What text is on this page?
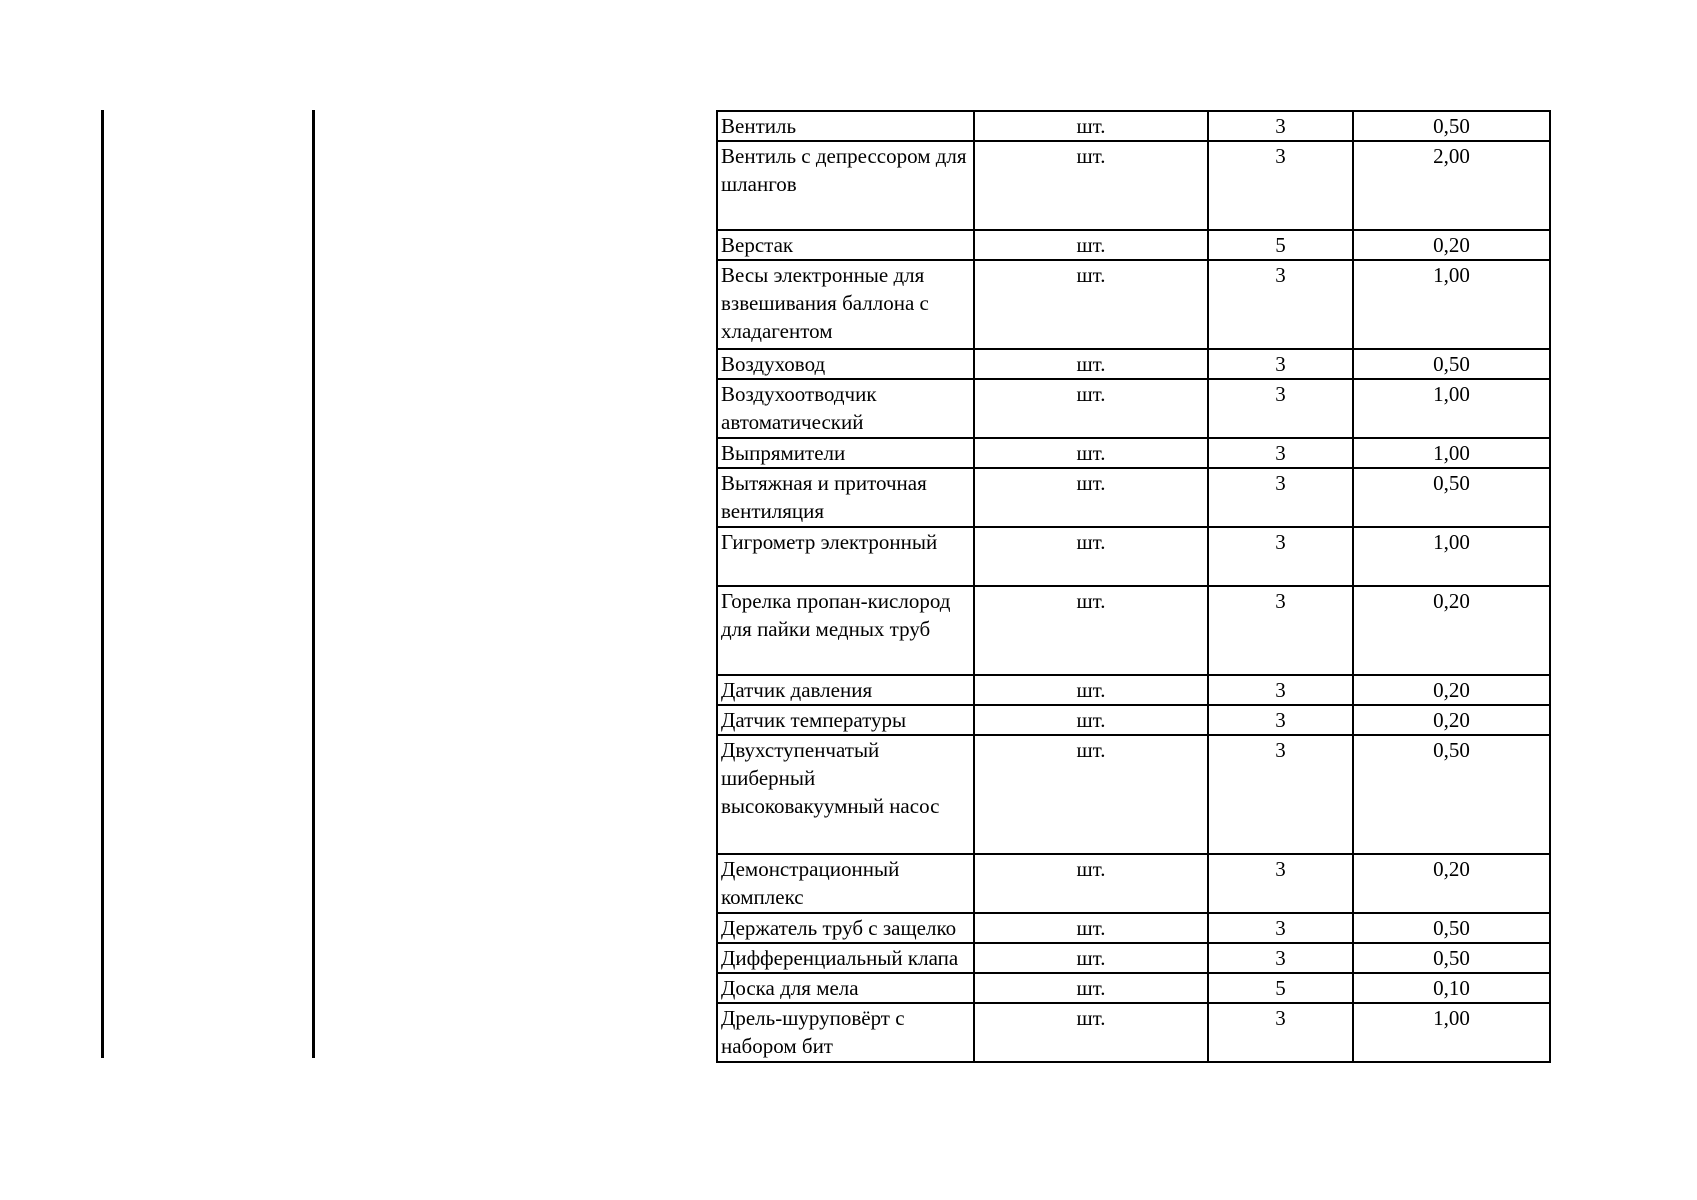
Вентиль	шт.	3	0,50
Вентиль с депрессором для шлангов	шт.	3	2,00
Верстак	шт.	5	0,20
Весы электронные для взвешивания баллона с хладагентом	шт.	3	1,00
Воздуховод	шт.	3	0,50
Воздухоотводчик автоматический	шт.	3	1,00
Выпрямители	шт.	3	1,00
Вытяжная и приточная вентиляция	шт.	3	0,50
Гигрометр электронный	шт.	3	1,00
Горелка пропан-кислород для пайки медных труб	шт.	3	0,20
Датчик давления	шт.	3	0,20
Датчик температуры	шт.	3	0,20
Двухступенчатый шиберный высоковакуумный насос	шт.	3	0,50
Демонстрационный комплекс	шт.	3	0,20
Держатель труб с защелко	шт.	3	0,50
Дифференциальный клапа	шт.	3	0,50
Доска для мела	шт.	5	0,10
Дрель-шуруповёрт с набором бит	шт.	3	1,00
